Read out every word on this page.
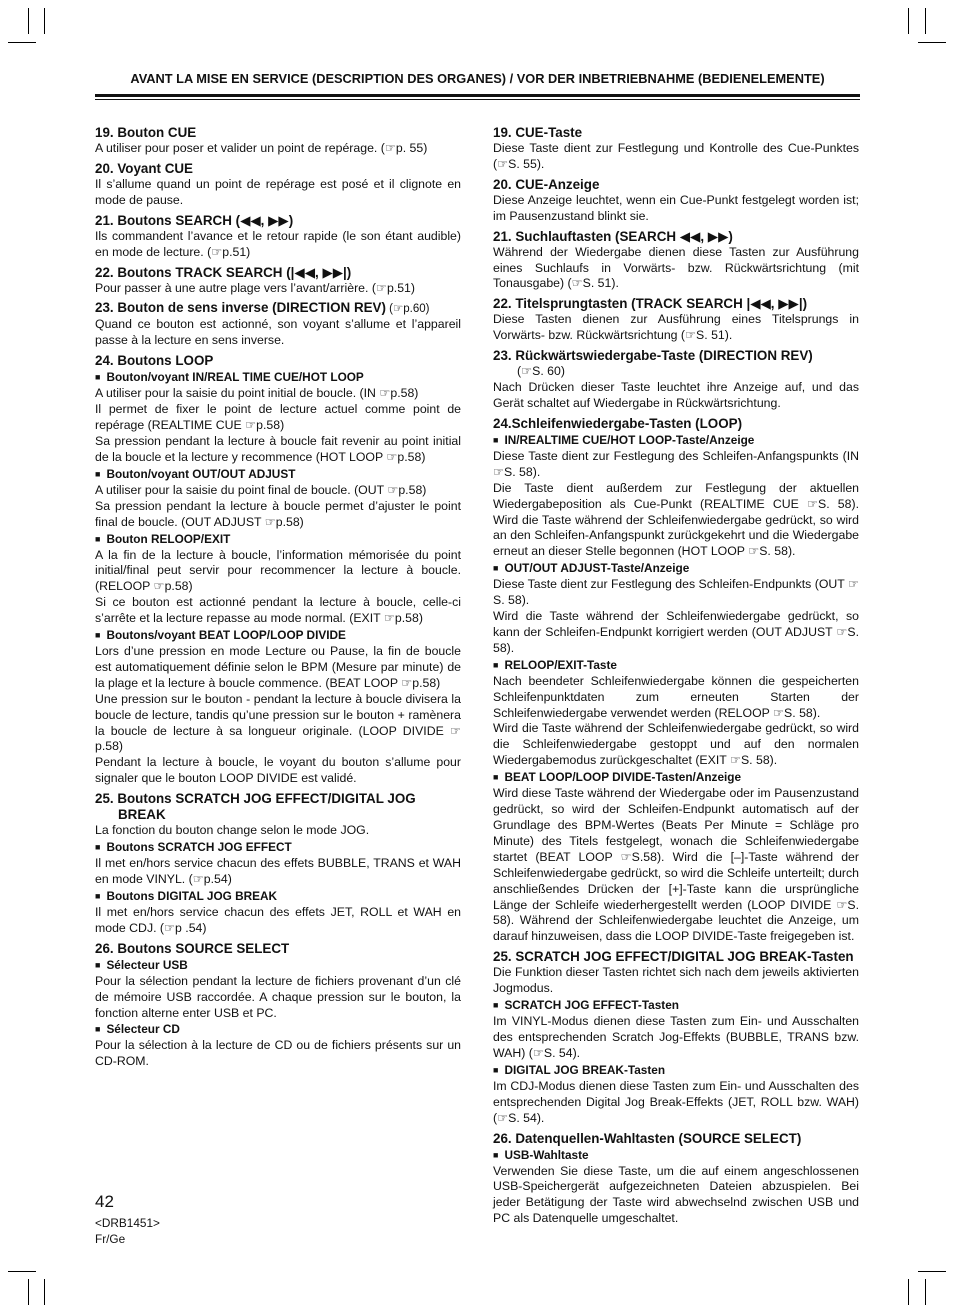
AVANT LA MISE EN SERVICE (DESCRIPTION DES ORGANES) / VOR DER INBETRIEBNAHME (BEDIENELEMENTE)
19. Bouton CUE
A utiliser pour poser et valider un point de repérage. (☞p. 55)
20. Voyant CUE
Il s’allume quand un point de repérage est posé et il clignote en mode de pause.
21. Boutons SEARCH (◀◀, ▶▶)
Ils commandent l’avance et le retour rapide (le son étant audible) en mode de lecture. (☞p.51)
22. Boutons TRACK SEARCH (|◀◀, ▶▶|)
Pour passer à une autre plage vers l’avant/arrière. (☞p.51)
23. Bouton de sens inverse (DIRECTION REV) (☞p.60)
Quand ce bouton est actionné, son voyant s’allume et l’appareil passe à la lecture en sens inverse.
24. Boutons LOOP
■ Bouton/voyant IN/REAL TIME CUE/HOT LOOP
A utiliser pour la saisie du point initial de boucle. (IN ☞p.58)
Il permet de fixer le point de lecture actuel comme point de repérage (REALTIME CUE ☞p.58)
Sa pression pendant la lecture à boucle fait revenir au point initial de la boucle et la lecture y recommence (HOT LOOP ☞p.58)
■ Bouton/voyant OUT/OUT ADJUST
A utiliser pour la saisie du point final de boucle. (OUT ☞p.58)
Sa pression pendant la lecture à boucle permet d’ajuster le point final de boucle. (OUT ADJUST ☞p.58)
■ Bouton RELOOP/EXIT
A la fin de la lecture à boucle, l’information mémorisée du point initial/final peut servir pour recommencer la lecture à boucle. (RELOOP ☞p.58)
Si ce bouton est actionné pendant la lecture à boucle, celle-ci s’arrête et la lecture repasse au mode normal. (EXIT ☞p.58)
■ Boutons/voyant BEAT LOOP/LOOP DIVIDE
Lors d’une pression en mode Lecture ou Pause, la fin de boucle est automatiquement définie selon le BPM (Mesure par minute) de la plage et la lecture à boucle commence. (BEAT LOOP ☞p.58)
Une pression sur le bouton - pendant la lecture à boucle divisera la boucle de lecture, tandis qu’une pression sur le bouton + ramènera la boucle de lecture à sa longueur originale. (LOOP DIVIDE ☞p.58)
Pendant la lecture à boucle, le voyant du bouton s’allume pour signaler que le bouton LOOP DIVIDE est validé.
25. Boutons SCRATCH JOG EFFECT/DIGITAL JOG BREAK
La fonction du bouton change selon le mode JOG.
■ Boutons SCRATCH JOG EFFECT
Il met en/hors service chacun des effets BUBBLE, TRANS et WAH en mode VINYL. (☞p.54)
■ Boutons DIGITAL JOG BREAK
Il met en/hors service chacun des effets JET, ROLL et WAH en mode CDJ. (☞p .54)
26. Boutons SOURCE SELECT
■ Sélecteur USB
Pour la sélection pendant la lecture de fichiers provenant d’un clé de mémoire USB raccordée. A chaque pression sur le bouton, la fonction alterne enter USB et PC.
■ Sélecteur CD
Pour la sélection à la lecture de CD ou de fichiers présents sur un CD-ROM.
19. CUE-Taste
Diese Taste dient zur Festlegung und Kontrolle des Cue-Punktes (☞S. 55).
20. CUE-Anzeige
Diese Anzeige leuchtet, wenn ein Cue-Punkt festgelegt worden ist; im Pausenzustand blinkt sie.
21. Suchlauftasten (SEARCH ◀◀, ▶▶)
Während der Wiedergabe dienen diese Tasten zur Ausführung eines Suchlaufs in Vorwärts- bzw. Rückwärtsrichtung (mit Tonausgabe) (☞S. 51).
22. Titelsprungtasten (TRACK SEARCH |◀◀, ▶▶|)
Diese Tasten dienen zur Ausführung eines Titelsprungs in Vorwärts- bzw. Rückwärtsrichtung (☞S. 51).
23. Rückwärtswiedergabe-Taste (DIRECTION REV)
(☞S. 60)
Nach Drücken dieser Taste leuchtet ihre Anzeige auf, und das Gerät schaltet auf Wiedergabe in Rückwärtsrichtung.
24.Schleifenwiedergabe-Tasten (LOOP)
■ IN/REALTIME CUE/HOT LOOP-Taste/Anzeige
Diese Taste dient zur Festlegung des Schleifen-Anfangspunkts (IN ☞S. 58).
Die Taste dient außerdem zur Festlegung der aktuellen Wiedergabeposition als Cue-Punkt (REALTIME CUE ☞S. 58). Wird die Taste während der Schleifenwiedergabe gedrückt, so wird an den Schleifen-Anfangspunkt zurückgekehrt und die Wiedergabe erneut an dieser Stelle begonnen (HOT LOOP ☞S. 58).
■ OUT/OUT ADJUST-Taste/Anzeige
Diese Taste dient zur Festlegung des Schleifen-Endpunkts (OUT ☞S. 58).
Wird die Taste während der Schleifenwiedergabe gedrückt, so kann der Schleifen-Endpunkt korrigiert werden (OUT ADJUST ☞S. 58).
■ RELOOP/EXIT-Taste
Nach beendeter Schleifenwiedergabe können die gespeicherten Schleifenpunktdaten zum erneuten Starten der Schleifenwiedergabe verwendet werden (RELOOP ☞S. 58).
Wird die Taste während der Schleifenwiedergabe gedrückt, so wird die Schleifenwiedergabe gestoppt und auf den normalen Wiedergabemodus zurückgeschaltet (EXIT ☞S. 58).
■ BEAT LOOP/LOOP DIVIDE-Tasten/Anzeige
Wird diese Taste während der Wiedergabe oder im Pausenzustand gedrückt, so wird der Schleifen-Endpunkt automatisch auf der Grundlage des BPM-Wertes (Beats Per Minute = Schläge pro Minute) des Titels festgelegt, wonach die Schleifenwiedergabe startet (BEAT LOOP ☞S.58). Wird die [–]-Taste während der Schleifenwiedergabe gedrückt, so wird die Schleife unterteilt; durch anschließendes Drücken der [+]-Taste kann die ursprüngliche Länge der Schleife wiederhergestellt werden (LOOP DIVIDE ☞S. 58). Während der Schleifenwiedergabe leuchtet die Anzeige, um darauf hinzuweisen, dass die LOOP DIVIDE-Taste freigegeben ist.
25. SCRATCH JOG EFFECT/DIGITAL JOG BREAK-Tasten
Die Funktion dieser Tasten richtet sich nach dem jeweils aktivierten Jogmodus.
■ SCRATCH JOG EFFECT-Tasten
Im VINYL-Modus dienen diese Tasten zum Ein- und Ausschalten des entsprechenden Scratch Jog-Effekts (BUBBLE, TRANS bzw. WAH) (☞S. 54).
■ DIGITAL JOG BREAK-Tasten
Im CDJ-Modus dienen diese Tasten zum Ein- und Ausschalten des entsprechenden Digital Jog Break-Effekts (JET, ROLL bzw. WAH) (☞S. 54).
26. Datenquellen-Wahltasten (SOURCE SELECT)
■ USB-Wahltaste
Verwenden Sie diese Taste, um die auf einem angeschlossenen USB-Speichergerät aufgezeichneten Dateien abzuspielen. Bei jeder Betätigung der Taste wird abwechselnd zwischen USB und PC als Datenquelle umgeschaltet.
42
<DRB1451>
Fr/Ge
